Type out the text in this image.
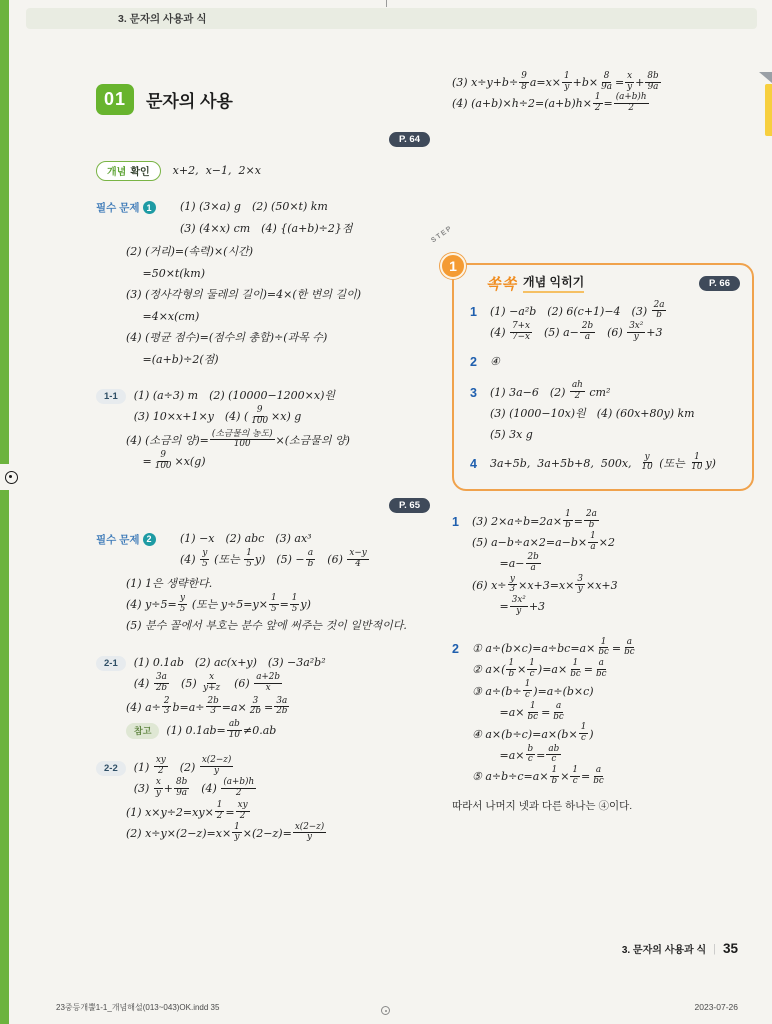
3. 문자의 사용과 식
01	문자의 사용
P. 64
개념 확인 x+2,  x−1,  2×x
필수 문제 1	(1) (3×a) g (2) (50×t) km
(3) (4×x) cm (4) {(a+b)÷2}점
(2) (거리)=(속력)×(시간)
  =50×t(km)
(3) (정사각형의 둘레의 길이)=4×(한 변의 길이)
  =4×x(cm)
(4) (평균 점수)=(점수의 총합)÷(과목 수)
  =(a+b)÷2(점)
1-1	(1) (a÷3) m (2) (10000−1200×x)원
(3) 10×x+1×y (4) ( $\frac{9}{100} \times x$) g
(4) (소금의 양)=
(소금물의 농도)
100 ×(소금물의 양)
  = $\frac{9}{100} \times x(g)$
P. 65
필수 문제 2	(1) −x (2) abc (3) ax³
$(4) \frac{y}{5}$ (또는 $\frac{1}{5} y$) $(5) - \frac{a}{b}$  $(6) \frac{x-y}{4}$
(1) 1은 생략한다.
(4) $y\div 5= \frac{y}{5}$ (또는 $y\div 5=y\times \frac{1}{5} = \frac{1}{5} y$)
(5) 분수 꼴에서 부호는 분수 앞에 써주는 것이 일반적이다.
2-1	(1) 0.1ab (2) ac(x+y) (3) −3a²b²
$(4) \frac{3a}{2b}$  $(5) \frac{x}{y+z}$  $(6) \frac{a+2b}{x}$
(4) $a\div \frac{2}{3} b=a\div \frac{2b}{3} =a\times \frac{3}{2b} = \frac{3a}{2b}$
참고	(1) $0.1ab= \frac{ab}{10} \ne 0.ab$
2-2	$(1) \frac{xy}{2}$  $(2) \frac{x(2-z)}{y}$
$(3) \frac{x}{y} + \frac{8b}{9a}$  $(4) \frac{(a+b)h}{2}$
(1) $x\times y\div 2=xy\times \frac{1}{2} = \frac{xy}{2}$
(2) $x\div y\times(2-z)=x\times \frac{1}{y} \times(2-z)= \frac{x(2-z)}{y}$
(3) $x\div y+b\div \frac{9}{8} a=x\times \frac{1}{y} +b\times \frac{8}{9a} = \frac{x}{y} + \frac{8b}{9a}$
(4) $(a+b)\times h\div 2=(a+b)h\times \frac{1}{2} = \frac{(a+b)h}{2}$
STEP
1
쏙쏙 개념 익히기	P. 66
1	(1) −a²b (2) 6(c+1)−4 $(3) \frac{2a}{b}$
$(4) \frac{7+x}{7-x}$  (5) $a- \frac{2b}{a}$  $(6) \frac{\text{3x²}}{y} +3$
2	④
3	(1) 3a−6 $(2) \frac{ah}{2} cm^2$
(3) (1000−10x)원 (4) (60x+80y) km
(5) 3x g
4	3a+5b,  3a+5b+8,  500x, $\frac{y}{10}$ (또는 $\frac{1}{10} y$)
1	(3) $2\times a\div b=2a\times \frac{1}{b} = \frac{2a}{b}$
(5) $a-b\div a\times 2=a-b\times \frac{1}{a} \times 2$
   $=a- \frac{2b}{a}$
(6) $x\div \frac{y}{3} \times x+3=x\times \frac{3}{y} \times x+3$
   = $\frac{\text{3x²}}{y} +3$
2	① $a\div(b\times c)=a\div bc=a\times \frac{1}{bc} = \frac{a}{bc}$
② $a\times( \frac{1}{b} \times \frac{1}{c} )=a\times \frac{1}{bc} = \frac{a}{bc}$
③ $a\div(b\div \frac{1}{c} )=a\div(b\times c)$
   $=a\times \frac{1}{bc} = \frac{a}{bc}$
④ $a\times(b\div c)=a\times(b\times \frac{1}{c}$ )
   $=a\times \frac{b}{c} = \frac{ab}{c}$
⑤ $a\div b\div c=a\times \frac{1}{b} \times \frac{1}{c} = \frac{a}{bc}$
따라서 나머지 넷과 다른 하나는 ④이다.
3. 문자의 사용과 식 | 35
23중등개뿔1-1_개념해설(013~043)OK.indd 35	2023-07-26
